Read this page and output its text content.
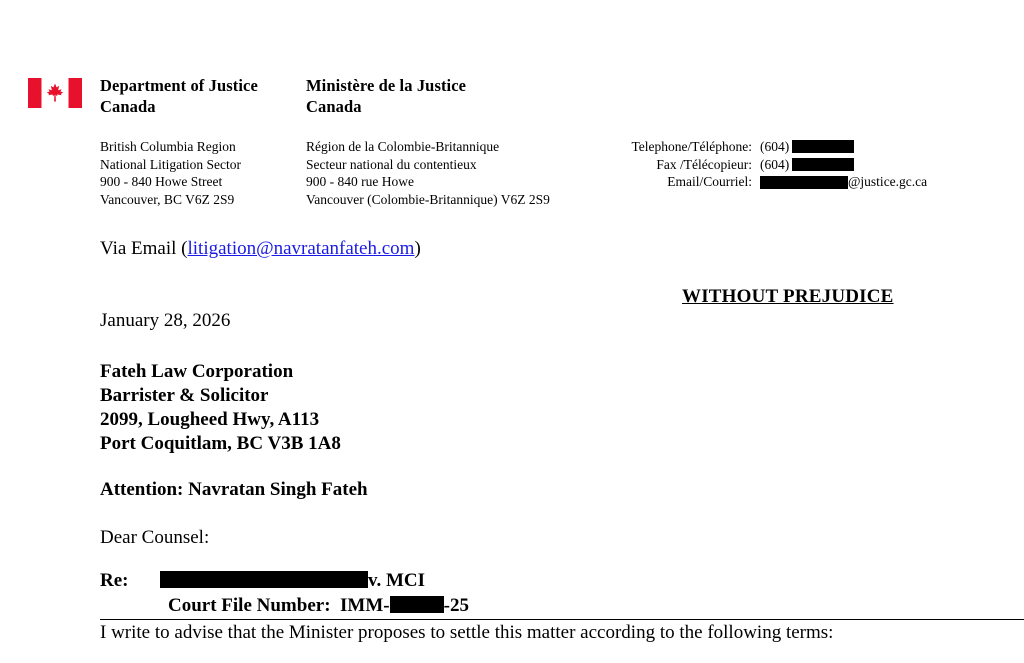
Department of Justice
Canada
Ministère de la Justice
Canada
British Columbia Region
National Litigation Sector
900 - 840 Howe Street
Vancouver, BC V6Z 2S9
Région de la Colombie-Britannique
Secteur national du contentieux
900 - 840 rue Howe
Vancouver (Colombie-Britannique) V6Z 2S9
Telephone/Téléphone: (604)
Fax /Télécopieur: (604)
Email/Courriel:	@justice.gc.ca
Via Email (litigation@navratanfateh.com)
WITHOUT PREJUDICE
January 28, 2026
Fateh Law Corporation
Barrister & Solicitor
2099, Lougheed Hwy, A113
Port Coquitlam, BC V3B 1A8
Attention: Navratan Singh Fateh
Dear Counsel:
Re:	v. MCI
Court File Number: IMM-	-25
I write to advise that the Minister proposes to settle this matter according to the following terms:
